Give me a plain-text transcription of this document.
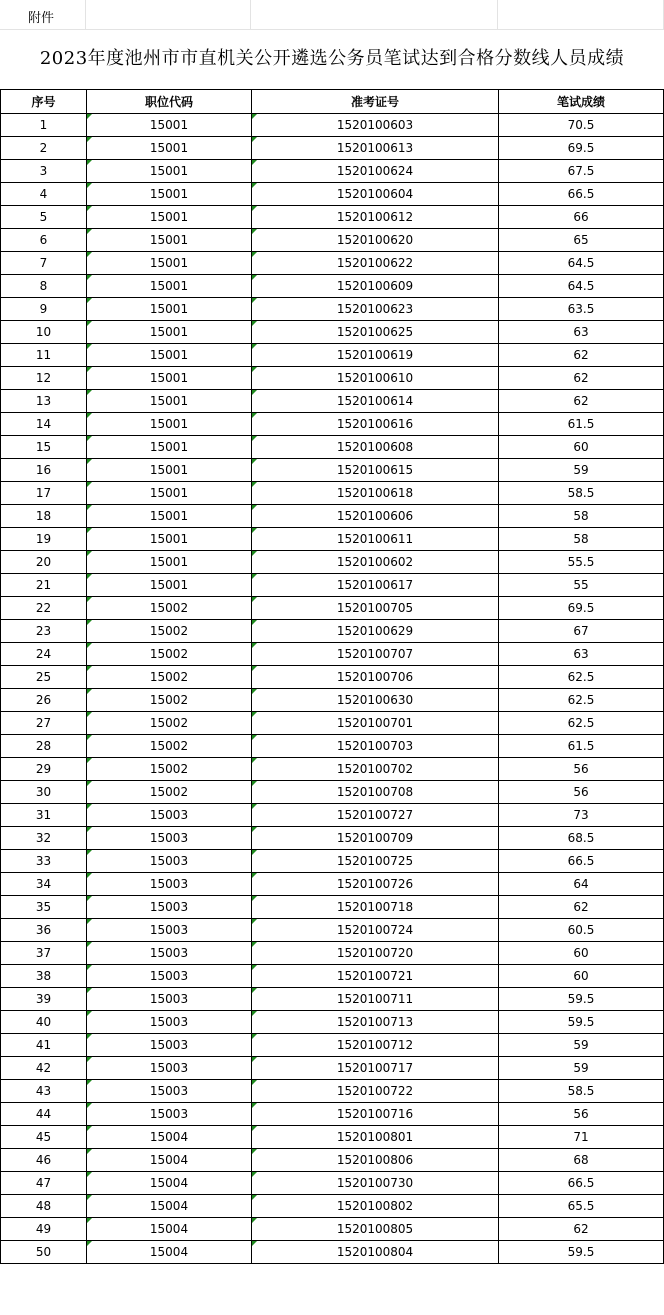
附件
2023年度池州市市直机关公开遴选公务员笔试达到合格分数线人员成绩
序号	职位代码	准考证号	笔试成绩
1	15001	1520100603	70.5
2	15001	1520100613	69.5
3	15001	1520100624	67.5
4	15001	1520100604	66.5
5	15001	1520100612	66
6	15001	1520100620	65
7	15001	1520100622	64.5
8	15001	1520100609	64.5
9	15001	1520100623	63.5
10	15001	1520100625	63
11	15001	1520100619	62
12	15001	1520100610	62
13	15001	1520100614	62
14	15001	1520100616	61.5
15	15001	1520100608	60
16	15001	1520100615	59
17	15001	1520100618	58.5
18	15001	1520100606	58
19	15001	1520100611	58
20	15001	1520100602	55.5
21	15001	1520100617	55
22	15002	1520100705	69.5
23	15002	1520100629	67
24	15002	1520100707	63
25	15002	1520100706	62.5
26	15002	1520100630	62.5
27	15002	1520100701	62.5
28	15002	1520100703	61.5
29	15002	1520100702	56
30	15002	1520100708	56
31	15003	1520100727	73
32	15003	1520100709	68.5
33	15003	1520100725	66.5
34	15003	1520100726	64
35	15003	1520100718	62
36	15003	1520100724	60.5
37	15003	1520100720	60
38	15003	1520100721	60
39	15003	1520100711	59.5
40	15003	1520100713	59.5
41	15003	1520100712	59
42	15003	1520100717	59
43	15003	1520100722	58.5
44	15003	1520100716	56
45	15004	1520100801	71
46	15004	1520100806	68
47	15004	1520100730	66.5
48	15004	1520100802	65.5
49	15004	1520100805	62
50	15004	1520100804	59.5
